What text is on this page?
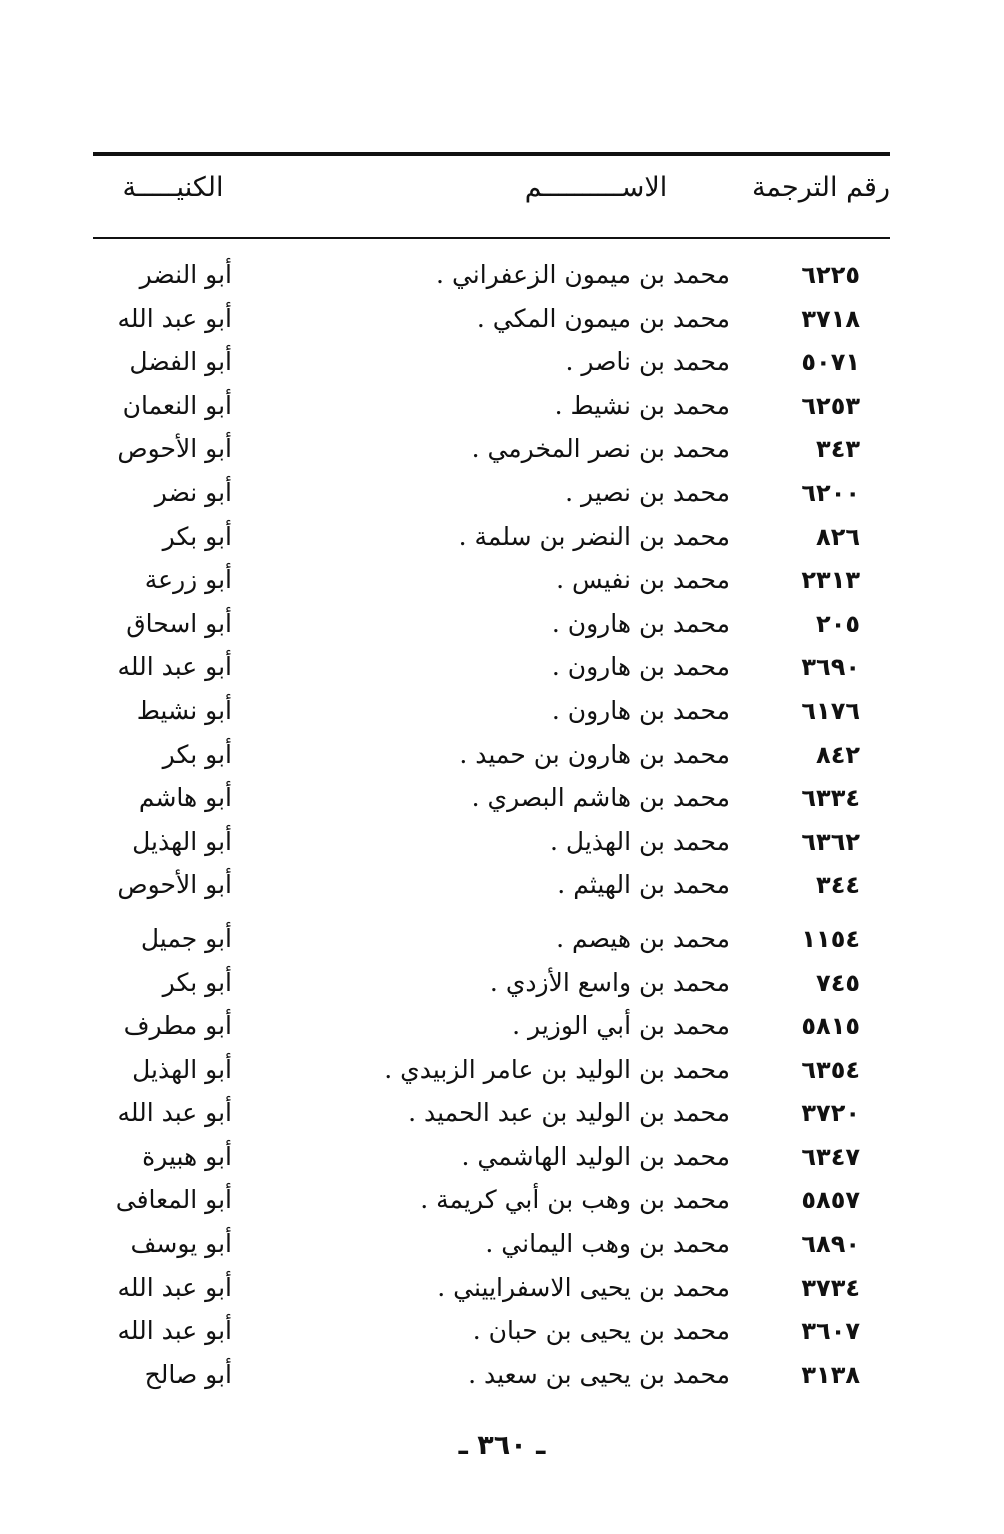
رقم الترجمة
الاســــــــــم
الكنيـــــة
٦٢٢٥
محمد بن ميمون الزعفراني .
أبو النضر
٣٧١٨
محمد بن ميمون المكي .
أبو عبد الله
٥٠٧١
محمد بن ناصر .
أبو الفضل
٦٢٥٣
محمد بن نشيط .
أبو النعمان
٣٤٣
محمد بن نصر المخرمي .
أبو الأحوص
٦٢٠٠
محمد بن نصير .
أبو نضر
٨٢٦
محمد بن النضر بن سلمة .
أبو بكر
٢٣١٣
محمد بن نفيس .
أبو زرعة
٢٠٥
محمد بن هارون .
أبو اسحاق
٣٦٩٠
محمد بن هارون .
أبو عبد الله
٦١٧٦
محمد بن هارون .
أبو نشيط
٨٤٢
محمد بن هارون بن حميد .
أبو بكر
٦٣٣٤
محمد بن هاشم البصري .
أبو هاشم
٦٣٦٢
محمد بن الهذيل .
أبو الهذيل
٣٤٤
محمد بن الهيثم .
أبو الأحوص
١١٥٤
محمد بن هيصم .
أبو جميل
٧٤٥
محمد بن واسع الأزدي .
أبو بكر
٥٨١٥
محمد بن أبي الوزير .
أبو مطرف
٦٣٥٤
محمد بن الوليد بن عامر الزبيدي .
أبو الهذيل
٣٧٢٠
محمد بن الوليد بن عبد الحميد .
أبو عبد الله
٦٣٤٧
محمد بن الوليد الهاشمي .
أبو هبيرة
٥٨٥٧
محمد بن وهب بن أبي كريمة .
أبو المعافى
٦٨٩٠
محمد بن وهب اليماني .
أبو يوسف
٣٧٣٤
محمد بن يحيى الاسفراييني .
أبو عبد الله
٣٦٠٧
محمد بن يحيى بن حبان .
أبو عبد الله
٣١٣٨
محمد بن يحيى بن سعيد .
أبو صالح
ـ ٣٦٠ ـ
